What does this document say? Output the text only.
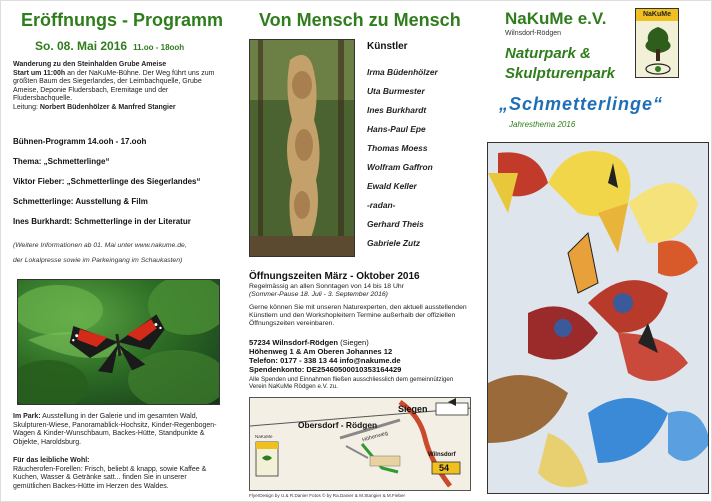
Eröffnungs - Programm
So. 08. Mai 2016 11.oo - 18ooh
Wanderung zu den Steinhalden Grube Ameise
Start um 11:00h an der NaKuMe-Bühne. Der Weg führt uns zum größten Baum des Siegerlandes, der Leimbachquelle, Grube Ameise, Deponie Fludersbach, Eremitage und der Fludersbachquelle.
Leitung: Norbert Büdenhölzer & Manfred Stangier
Bühnen-Programm 14.ooh - 17.ooh
Thema: „Schmetterlinge“
Viktor Fieber: „Schmetterlinge des Siegerlandes“
Schmetterlinge: Ausstellung & Film
Ines Burkhardt: Schmetterlinge in der Literatur
(Weitere Informationen ab 01. Mai unter www.nakume.de,
der Lokalpresse sowie im Parkeingang im Schaukasten)
Im Park: Ausstellung in der Galerie und im gesamten Wald, Skulpturen-Wiese, Panoramablick-Hochsitz, Kinder-Regenbogen-Wagen & Kinder-Wunschbaum, Backes-Hütte, Standpunkte & Objekte, Haroldsburg.
Für das leibliche Wohl:
Räucherofen-Forellen: Frisch, beliebt & knapp, sowie Kaffee & Kuchen, Wasser & Getränke satt... finden Sie in unserer gemütlichen Backes-Hütte im Herzen des Waldes.
Von Mensch zu Mensch
Künstler
Irma Büdenhölzer
Uta Burmester
Ines Burkhardt
Hans-Paul Epe
Thomas Moess
Wolfram Gaffron
Ewald Keller
-radan-
Gerhard Theis
Gabriele Zutz
Öffnungszeiten März - Oktober 2016
Regelmässig an allen Sonntagen von 14 bis 18 Uhr
(Sommer-Pause 18. Juli - 3. September 2016)
Gerne können Sie mit unseren Naturexperten, den aktuell ausstellenden Künstlern und den Workshopleitern Termine außerhalb der offiziellen Öffnungszeiten vereinbaren.
57234 Wilnsdorf-Rödgen (Siegen)
Höhenweg 1 & Am Oberen Johannes 12
Telefon: 0177 - 338 13 44 info@nakume.de
Spendenkonto: DE25460500010353164429
Alle Spenden und Einnahmen fließen ausschliesslich dem gemeinnützigen Verein NaKuMe Rödgen e.V. zu.
Siegen
Obersdorf - Rödgen
Höhenweg
Wilnsdorf
54
NaKuMe
FlyerDesign by U.& R.Danier Fotos © by Ra.Danier & M.Stangier & M.Fieber
NaKuMe e.V.
Wilnsdorf-Rödgen
NaKuMe
Naturpark &
Skulpturenpark
„Schmetterlinge“
Jahresthema 2016
